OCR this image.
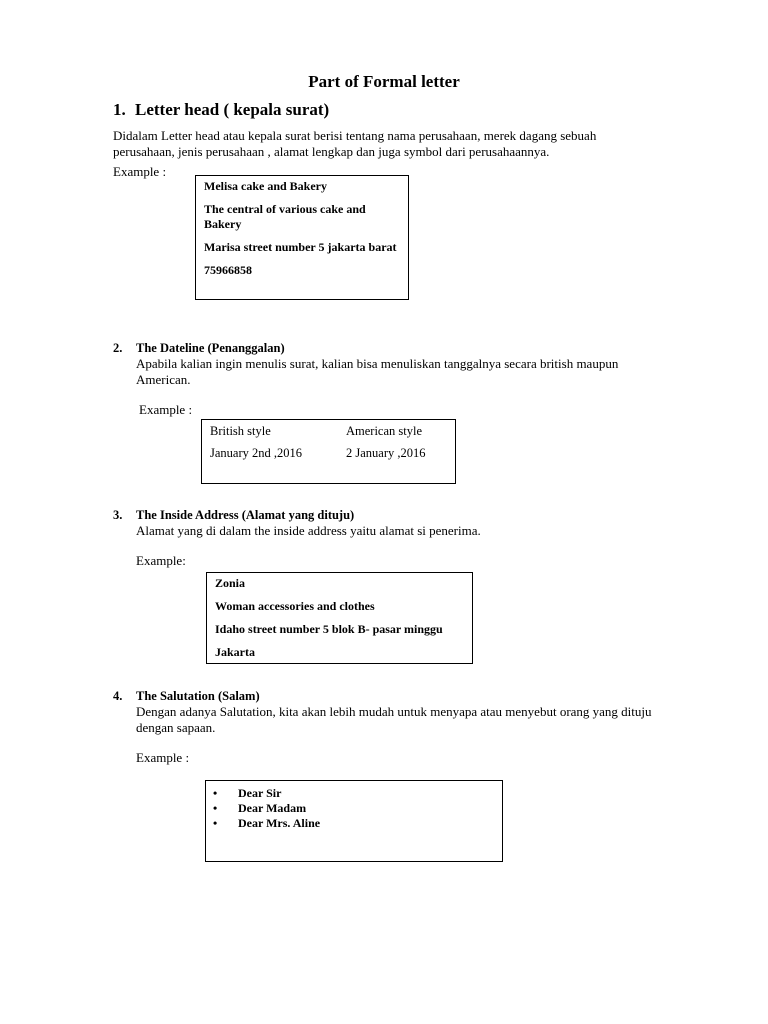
Part of Formal letter
1. Letter head ( kepala surat)
Didalam Letter head atau kepala surat berisi tentang nama perusahaan, merek dagang sebuah perusahaan, jenis perusahaan , alamat lengkap dan juga symbol dari perusahaannya.
Example :
Melisa cake and Bakery
The central of various cake and Bakery
Marisa street number 5 jakarta barat
75966858
2. The Dateline (Penanggalan)
Apabila kalian ingin menulis surat, kalian bisa menuliskan tanggalnya secara british maupun American.
Example :
British style	American style
January 2nd ,2016	2 January ,2016
3. The Inside Address (Alamat yang dituju)
Alamat yang di dalam the inside address yaitu alamat si penerima.
Example:
Zonia
Woman accessories and clothes
Idaho street number 5 blok B- pasar minggu
Jakarta
4. The Salutation (Salam)
Dengan adanya Salutation, kita akan lebih mudah untuk menyapa atau menyebut orang yang dituju dengan sapaan.
Example :
• Dear Sir
• Dear Madam
• Dear Mrs. Aline
